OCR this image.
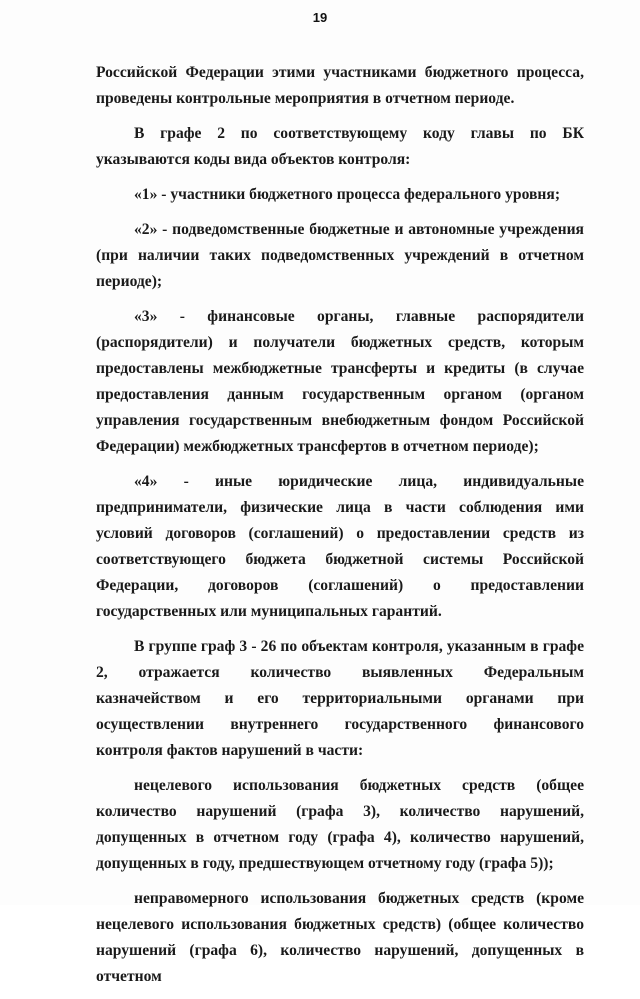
19

Российской Федерации этими участниками бюджетного процесса, проведены контрольные мероприятия в отчетном периоде.

В графе 2 по соответствующему коду главы по БК указываются коды вида объектов контроля:

«1» - участники бюджетного процесса федерального уровня;

«2» - подведомственные бюджетные и автономные учреждения (при наличии таких подведомственных учреждений в отчетном периоде);

«3» - финансовые органы, главные распорядители (распорядители) и получатели бюджетных средств, которым предоставлены межбюджетные трансферты и кредиты (в случае предоставления данным государственным органом (органом управления государственным внебюджетным фондом Российской Федерации) межбюджетных трансфертов в отчетном периоде);

«4» - иные юридические лица, индивидуальные предприниматели, физические лица в части соблюдения ими условий договоров (соглашений) о предоставлении средств из соответствующего бюджета бюджетной системы Российской Федерации, договоров (соглашений) о предоставлении государственных или муниципальных гарантий.

В группе граф 3 - 26 по объектам контроля, указанным в графе 2, отражается количество выявленных Федеральным казначейством и его территориальными органами при осуществлении внутреннего государственного финансового контроля фактов нарушений в части:

нецелевого использования бюджетных средств (общее количество нарушений (графа 3), количество нарушений, допущенных в отчетном году (графа 4), количество нарушений, допущенных в году, предшествующем отчетному году (графа 5));

неправомерного использования бюджетных средств (кроме нецелевого использования бюджетных средств) (общее количество нарушений (графа 6), количество нарушений, допущенных в отчетном
